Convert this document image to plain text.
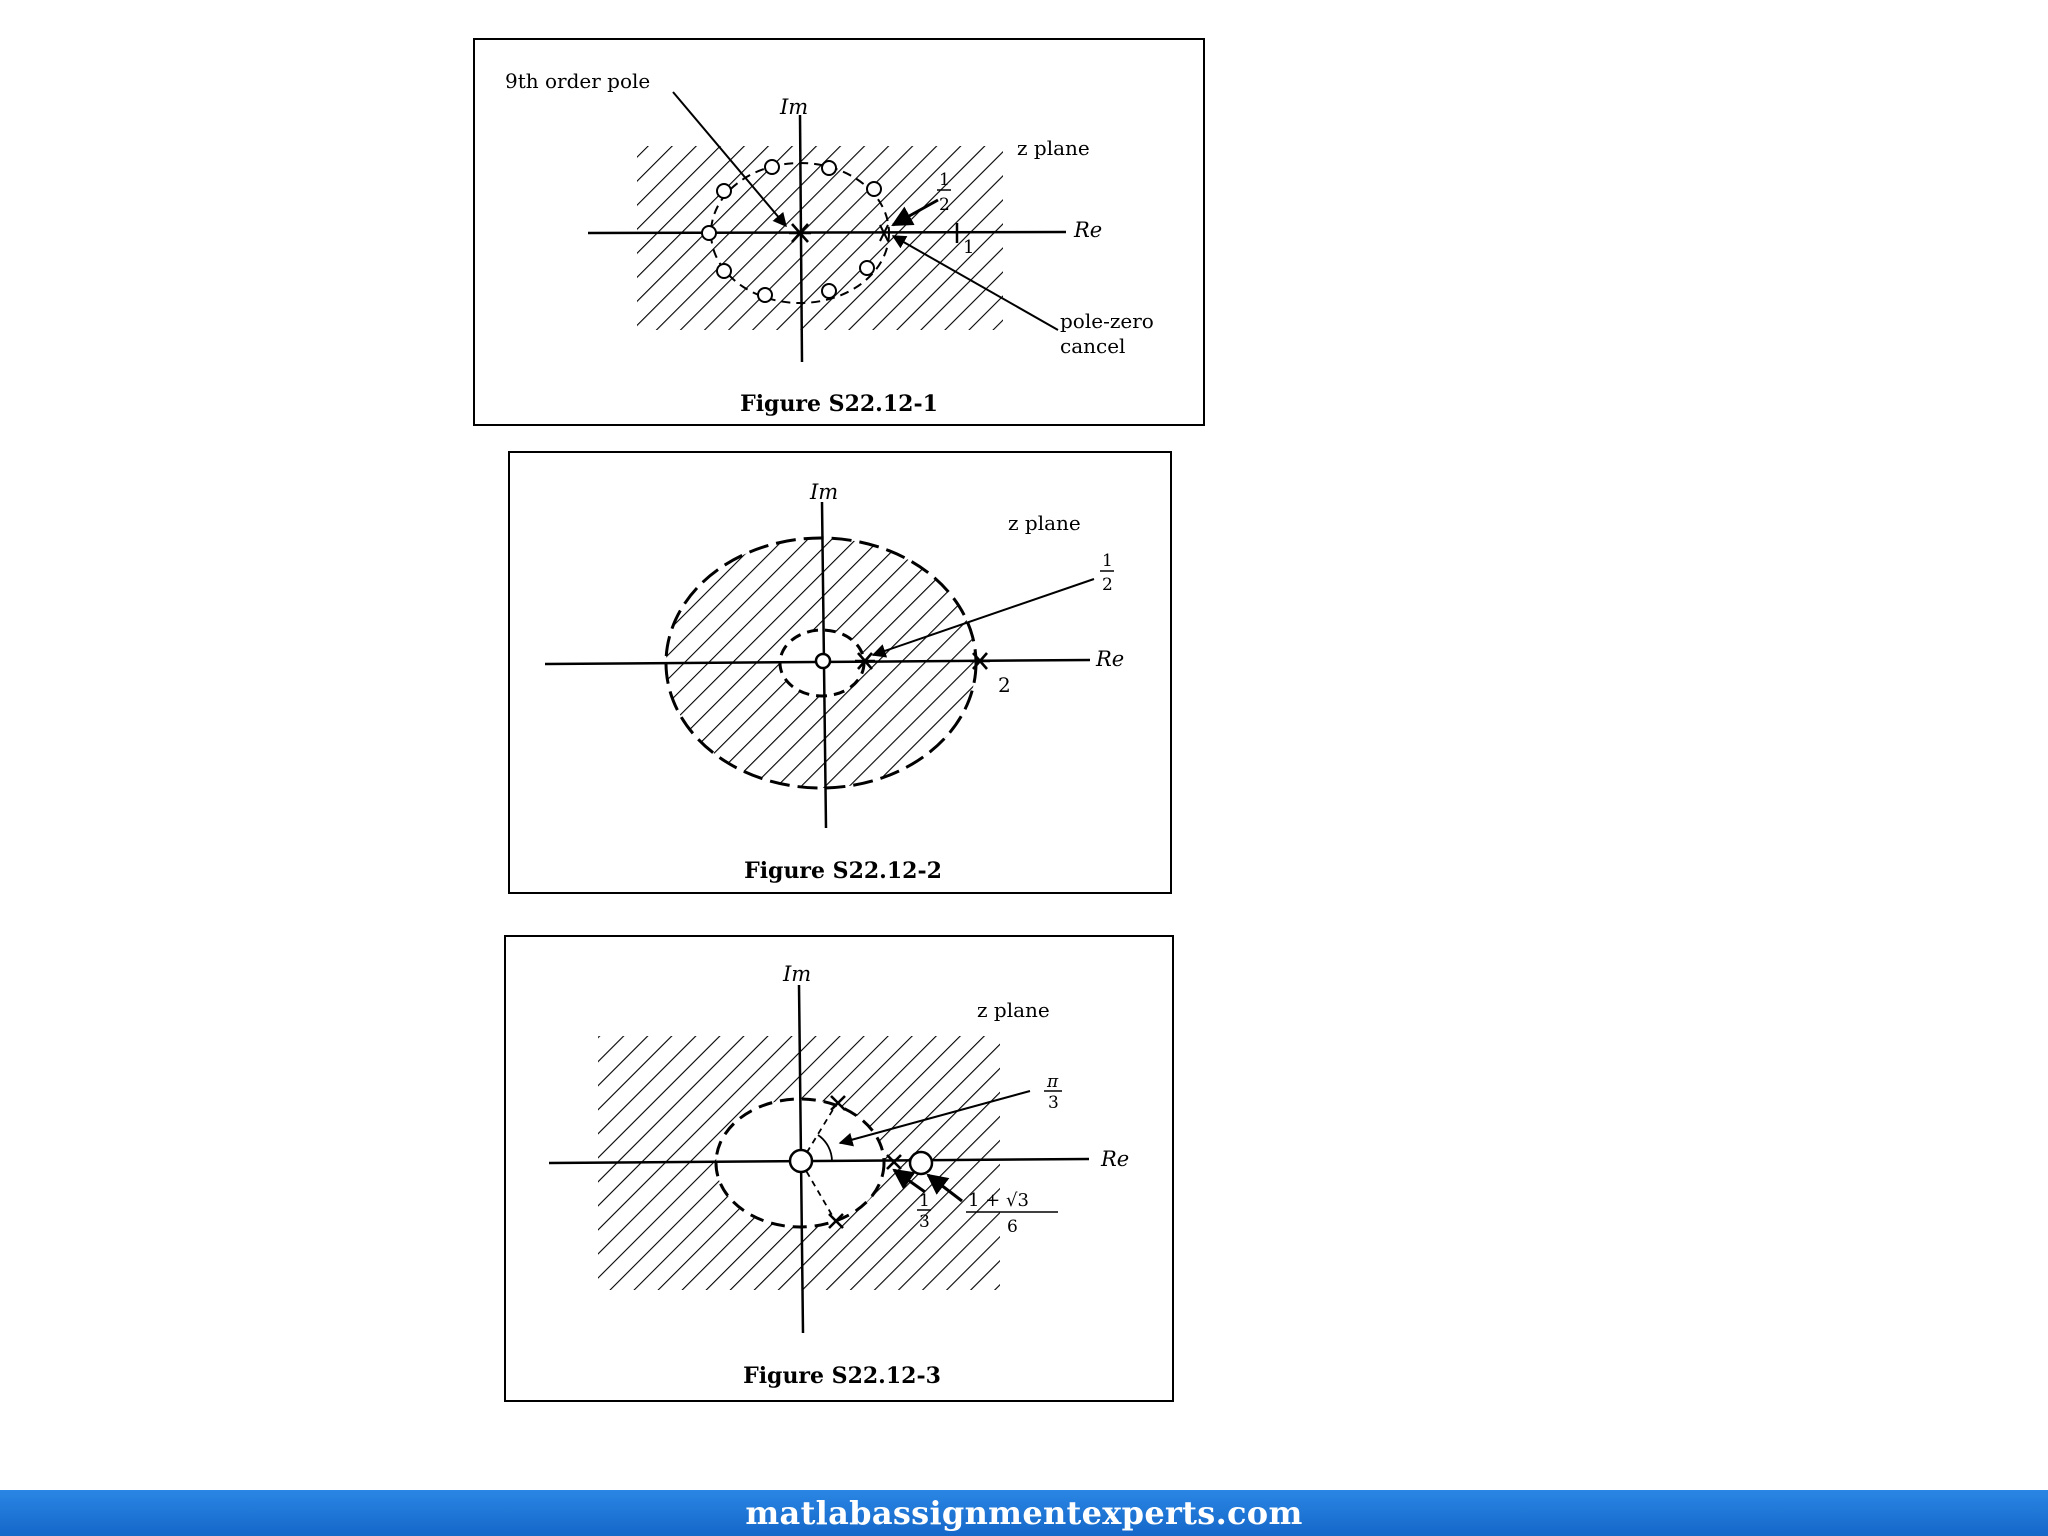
9th order pole
Im
z plane
1
2
Re
1
pole-zero
cancel
Figure S22.12-1
Im
z plane
1
2
Re
2
Figure S22.12-2
Im
z plane
π
3
Re
1
3
1 + √3
6
Figure S22.12-3
matlabassignmentexperts.com
